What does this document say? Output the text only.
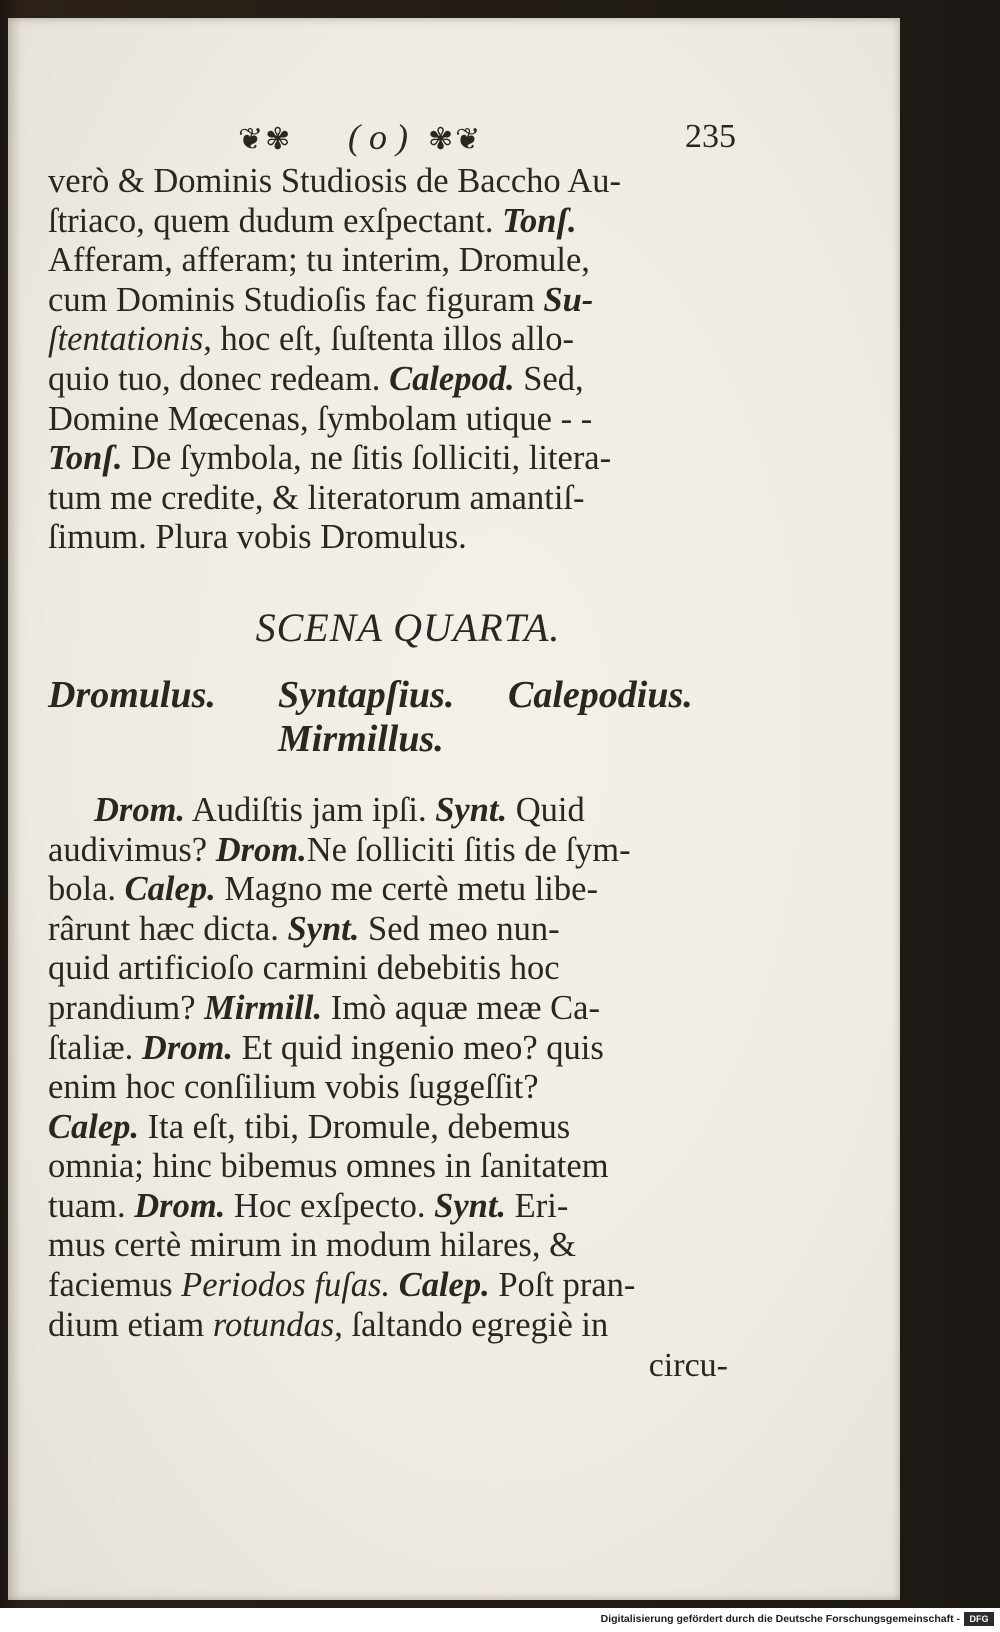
❦✾ ( o ) ✾❦	235

verò & Dominis Studiosis de Baccho Au-
ſtriaco, quem dudum exſpectant. Tonſ.
Afferam, afferam; tu interim, Dromule,
cum Dominis Studioſis fac figuram Su-
ſtentationis, hoc eſt, ſuſtenta illos allo-
quio tuo, donec redeam. Calepod. Sed,
Domine Mœcenas, ſymbolam utique - -
Tonſ. De ſymbola, ne ſitis ſolliciti, litera-
tum me credite, & literatorum amantiſ-
ſimum. Plura vobis Dromulus.

SCENA QUARTA.
Dromulus. Syntapſius. Calepodius.
Mirmillus.

Drom. Audiſtis jam ipſi. Synt. Quid
audivimus? Drom.Ne ſolliciti ſitis de ſym-
bola. Calep. Magno me certè metu libe-
rârunt hæc dicta. Synt. Sed meo nun-
quid artificioſo carmini debebitis hoc
prandium? Mirmill. Imò aquæ meæ Ca-
ſtaliæ. Drom. Et quid ingenio meo? quis
enim hoc conſilium vobis ſuggeſſit?
Calep. Ita eſt, tibi, Dromule, debemus
omnia; hinc bibemus omnes in ſanitatem
tuam. Drom. Hoc exſpecto. Synt. Eri-
mus certè mirum in modum hilares, &
faciemus Periodos fuſas. Calep. Poſt pran-
dium etiam rotundas, ſaltando egregiè in

circu-
Digitalisierung gefördert durch die Deutsche Forschungsgemeinschaft -	DFG
